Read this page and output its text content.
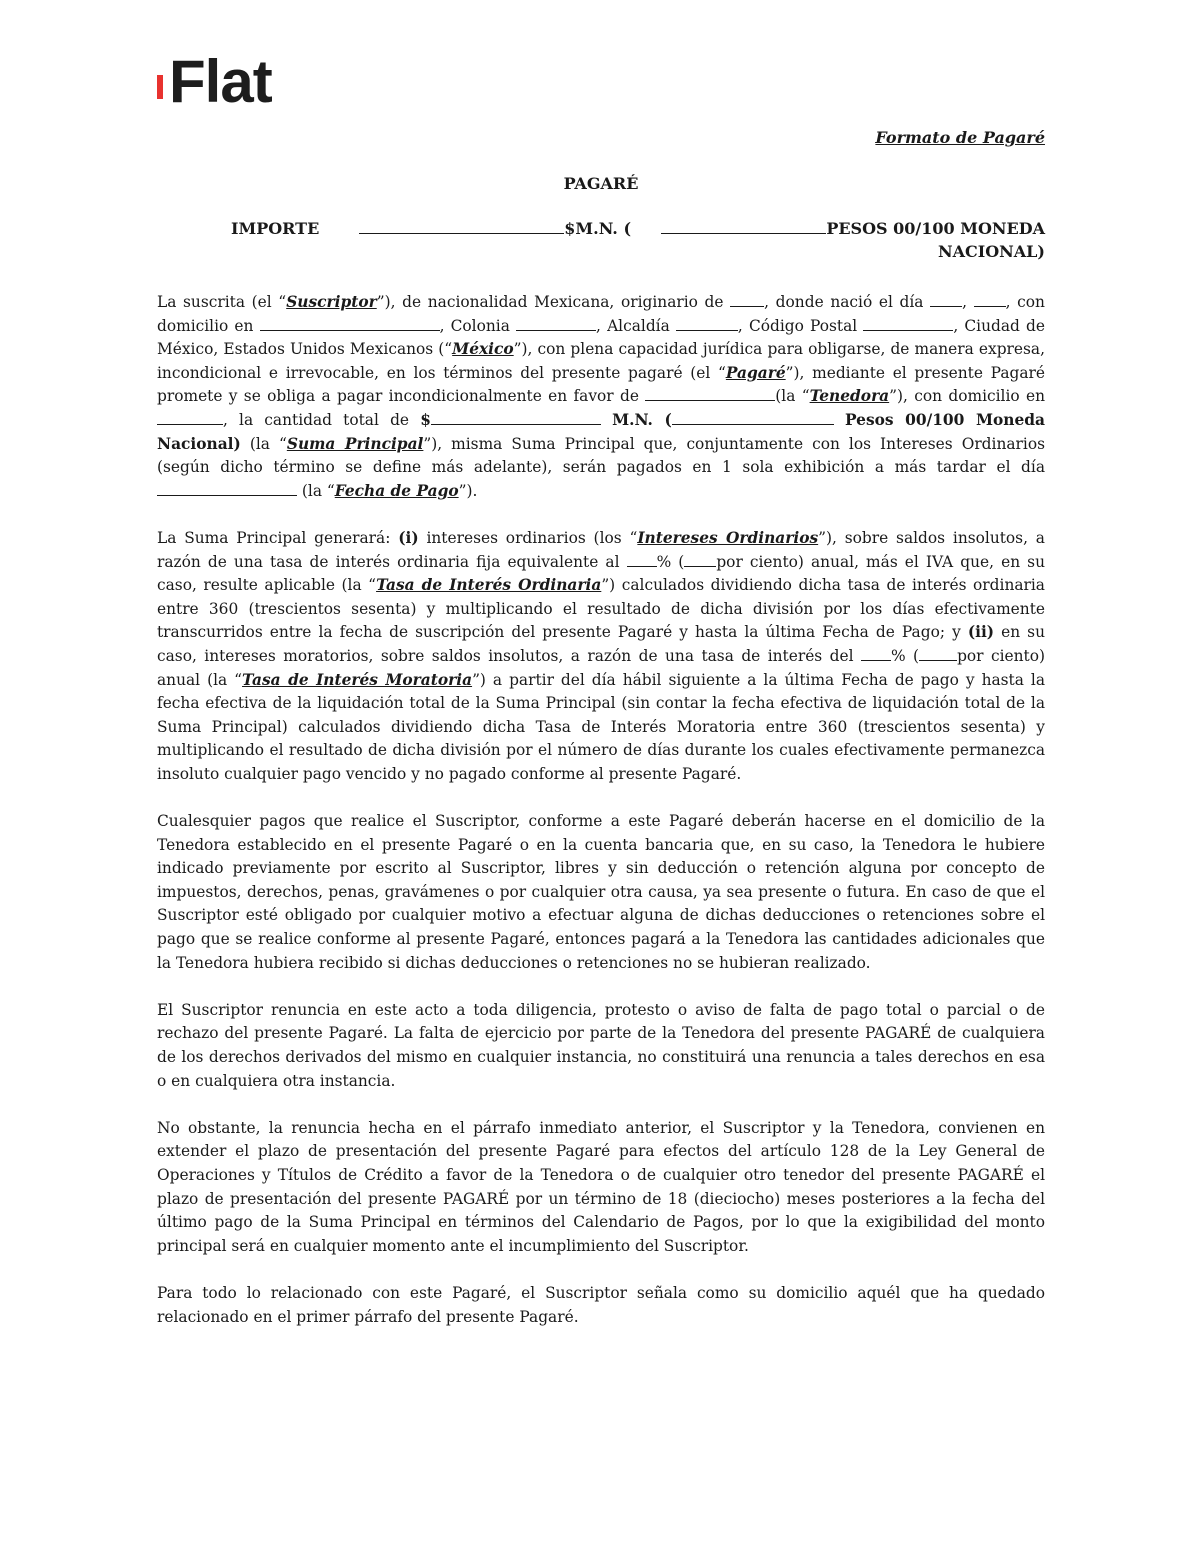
Flat
Formato de Pagaré
PAGARÉ
IMPORTE	$M.N. (	PESOS 00/100 MONEDA
NACIONAL)

La suscrita (el “Suscriptor”), de nacionalidad Mexicana, originario de , donde nació el día , , con domicilio en	, Colonia	, Alcaldía	, Código Postal	, Ciudad de México, Estados Unidos Mexicanos (“México”), con plena capacidad jurídica para obligarse, de manera expresa, incondicional e irrevocable, en los términos del presente pagaré (el “Pagaré”), mediante el presente Pagaré promete y se obliga a pagar incondicionalmente en favor de	(la “Tenedora”), con domicilio en , la cantidad total de $	M.N. (	Pesos 00/100 Moneda Nacional) (la “Suma Principal”), misma Suma Principal que, conjuntamente con los Intereses Ordinarios (según dicho término se define más adelante), serán pagados en 1 sola exhibición a más tardar el día  (la “Fecha de Pago”).

La Suma Principal generará: (i) intereses ordinarios (los “Intereses Ordinarios”), sobre saldos insolutos, a razón de una tasa de interés ordinaria fija equivalente al % ( por ciento) anual, más el IVA que, en su caso, resulte aplicable (la “Tasa de Interés Ordinaria”) calculados dividiendo dicha tasa de interés ordinaria entre 360 (trescientos sesenta) y multiplicando el resultado de dicha división por los días efectivamente transcurridos entre la fecha de suscripción del presente Pagaré y hasta la última Fecha de Pago; y (ii) en su caso, intereses moratorios, sobre saldos insolutos, a razón de una tasa de interés del % ( por ciento) anual (la “Tasa de Interés Moratoria”) a partir del día hábil siguiente a la última Fecha de pago y hasta la fecha efectiva de la liquidación total de la Suma Principal (sin contar la fecha efectiva de liquidación total de la Suma Principal) calculados dividiendo dicha Tasa de Interés Moratoria entre 360 (trescientos sesenta) y multiplicando el resultado de dicha división por el número de días durante los cuales efectivamente permanezca insoluto cualquier pago vencido y no pagado conforme al presente Pagaré.

Cualesquier pagos que realice el Suscriptor, conforme a este Pagaré deberán hacerse en el domicilio de la Tenedora establecido en el presente Pagaré o en la cuenta bancaria que, en su caso, la Tenedora le hubiere indicado previamente por escrito al Suscriptor, libres y sin deducción o retención alguna por concepto de impuestos, derechos, penas, gravámenes o por cualquier otra causa, ya sea presente o futura. En caso de que el Suscriptor esté obligado por cualquier motivo a efectuar alguna de dichas deducciones o retenciones sobre el pago que se realice conforme al presente Pagaré, entonces pagará a la Tenedora las cantidades adicionales que la Tenedora hubiera recibido si dichas deducciones o retenciones no se hubieran realizado.

El Suscriptor renuncia en este acto a toda diligencia, protesto o aviso de falta de pago total o parcial o de rechazo del presente Pagaré. La falta de ejercicio por parte de la Tenedora del presente PAGARÉ de cualquiera de los derechos derivados del mismo en cualquier instancia, no constituirá una renuncia a tales derechos en esa o en cualquiera otra instancia.

No obstante, la renuncia hecha en el párrafo inmediato anterior, el Suscriptor y la Tenedora, convienen en extender el plazo de presentación del presente Pagaré para efectos del artículo 128 de la Ley General de Operaciones y Títulos de Crédito a favor de la Tenedora o de cualquier otro tenedor del presente PAGARÉ el plazo de presentación del presente PAGARÉ por un término de 18 (dieciocho) meses posteriores a la fecha del último pago de la Suma Principal en términos del Calendario de Pagos, por lo que la exigibilidad del monto principal será en cualquier momento ante el incumplimiento del Suscriptor.

Para todo lo relacionado con este Pagaré, el Suscriptor señala como su domicilio aquél que ha quedado relacionado en el primer párrafo del presente Pagaré.
